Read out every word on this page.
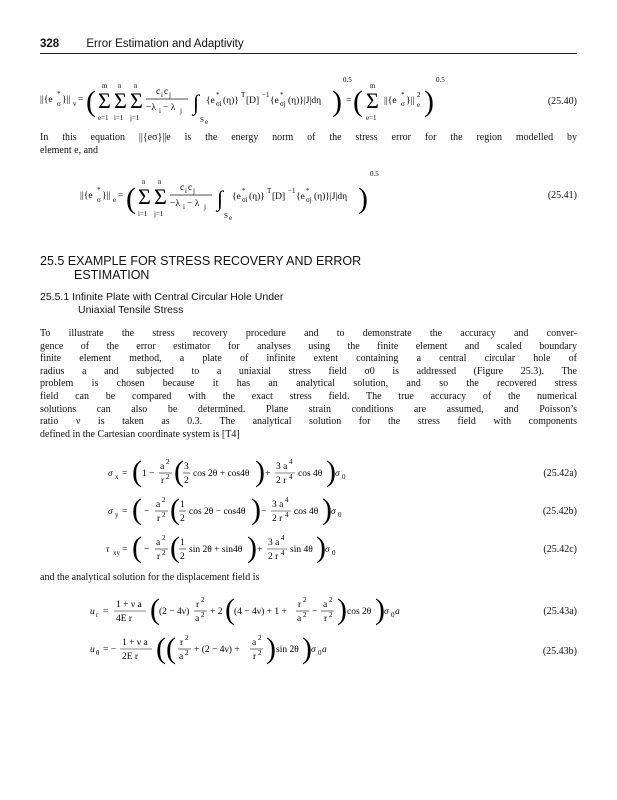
328 Error Estimation and Adaptivity
||{e
*
σ }|| v = ( Σ
m
e=1
Σ
n
i=1
Σ
n
j=1
c i c j
−λ i − λ j ∫
S e
{e
*
σi (η)}
T
[D]
−1
{e
*
σj (η)}|J|dη )
0.5
= ( Σ
m
e=1
||{e
*
σ }||
2
e )
0.5
(25.40)
In this equation ||{eσ}||e is the energy norm of the stress error for the region modelled by
element e, and
||{e
*
σ }|| e = ( Σ
n
i=1
Σ
n
j=1
c i c j
−λ i − λ j ∫
S e
{e
*
σi (η)}
T
[D]
−1
{e
*
σj (η)}|J|dη )
0.5
(25.41)
25.5 EXAMPLE FOR STRESS RECOVERY AND ERROR
ESTIMATION
25.5.1 Infinite Plate with Central Circular Hole Under
Uniaxial Tensile Stress
To illustrate the stress recovery procedure and to demonstrate the accuracy and conver-
gence of the error estimator for analyses using the finite element and scaled boundary
finite element method, a plate of infinite extent containing a central circular hole of
radius a and subjected to a uniaxial stress field σ0 is addressed (Figure 25.3). The
problem is chosen because it has an analytical solution, and so the recovered stress
field can be compared with the exact stress field. The true accuracy of the numerical
solutions can also be determined. Plane strain conditions are assumed, and Poisson’s
ratio ν is taken as 0.3. The analytical solution for the stress field with components
defined in the Cartesian coordinate system is [T4]
σ x = ( 1 −
a 2
r 2 ( 3
2
cos 2θ + cos4θ ) +
3 a 4
2 r 4 cos 4θ ) σ 0	(25.42a)
σ y = ( −
a 2
r 2 ( 1
2
cos 2θ − cos4θ ) −
3 a 4
2 r 4 cos 4θ ) σ 0	(25.42b)
τ xy = ( −
a 2
r 2 ( 1
2
sin 2θ + sin4θ ) +
3 a 4
2 r 4 sin 4θ ) σ 0	(25.42c)
and the analytical solution for the displacement field is
u r =
1 + ν a
4E r ( (2 − 4ν)
r 2
a 2 + 2 ( (4 − 4ν) + 1 +
r 2
a 2 −
a 2
r 2 ) cos 2θ ) σ 0 a	(25.43a)
u θ = −
1 + ν a
2E r (( r 2
a 2 + (2 − 4ν) +
a 2
r 2 ) sin 2θ ) σ 0 a	(25.43b)
